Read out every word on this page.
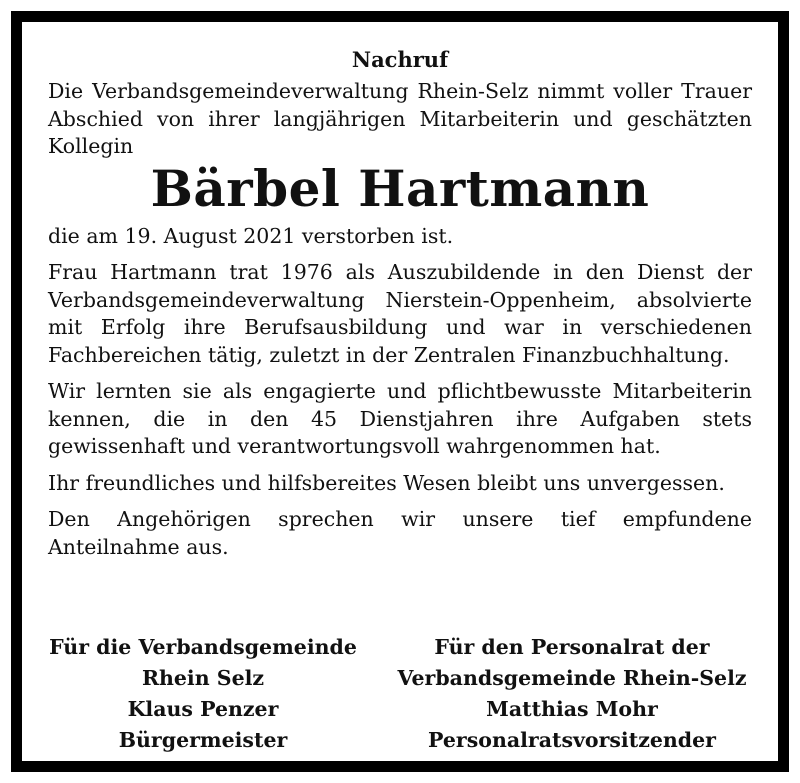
Nachruf

Die Verbandsgemeindeverwaltung Rhein-Selz nimmt voller Trauer Abschied von ihrer langjährigen Mitarbeiterin und geschätzten Kollegin

Bärbel Hartmann

die am 19. August 2021 verstorben ist.

Frau Hartmann trat 1976 als Auszubildende in den Dienst der Verbandsgemeindeverwaltung Nierstein-Oppenheim, absolvierte mit Erfolg ihre Berufsausbildung und war in verschiedenen Fachbereichen tätig, zuletzt in der Zentralen Finanzbuchhaltung.

Wir lernten sie als engagierte und pflichtbewusste Mitarbeiterin kennen, die in den 45 Dienstjahren ihre Aufgaben stets gewissenhaft und verantwortungsvoll wahrgenommen hat.

Ihr freundliches und hilfsbereites Wesen bleibt uns unvergessen.

Den Angehörigen sprechen wir unsere tief empfundene Anteilnahme aus.

Für die Verbandsgemeinde
Rhein Selz
Klaus Penzer
Bürgermeister
Für den Personalrat der
Verbandsgemeinde Rhein-Selz
Matthias Mohr
Personalratsvorsitzender
